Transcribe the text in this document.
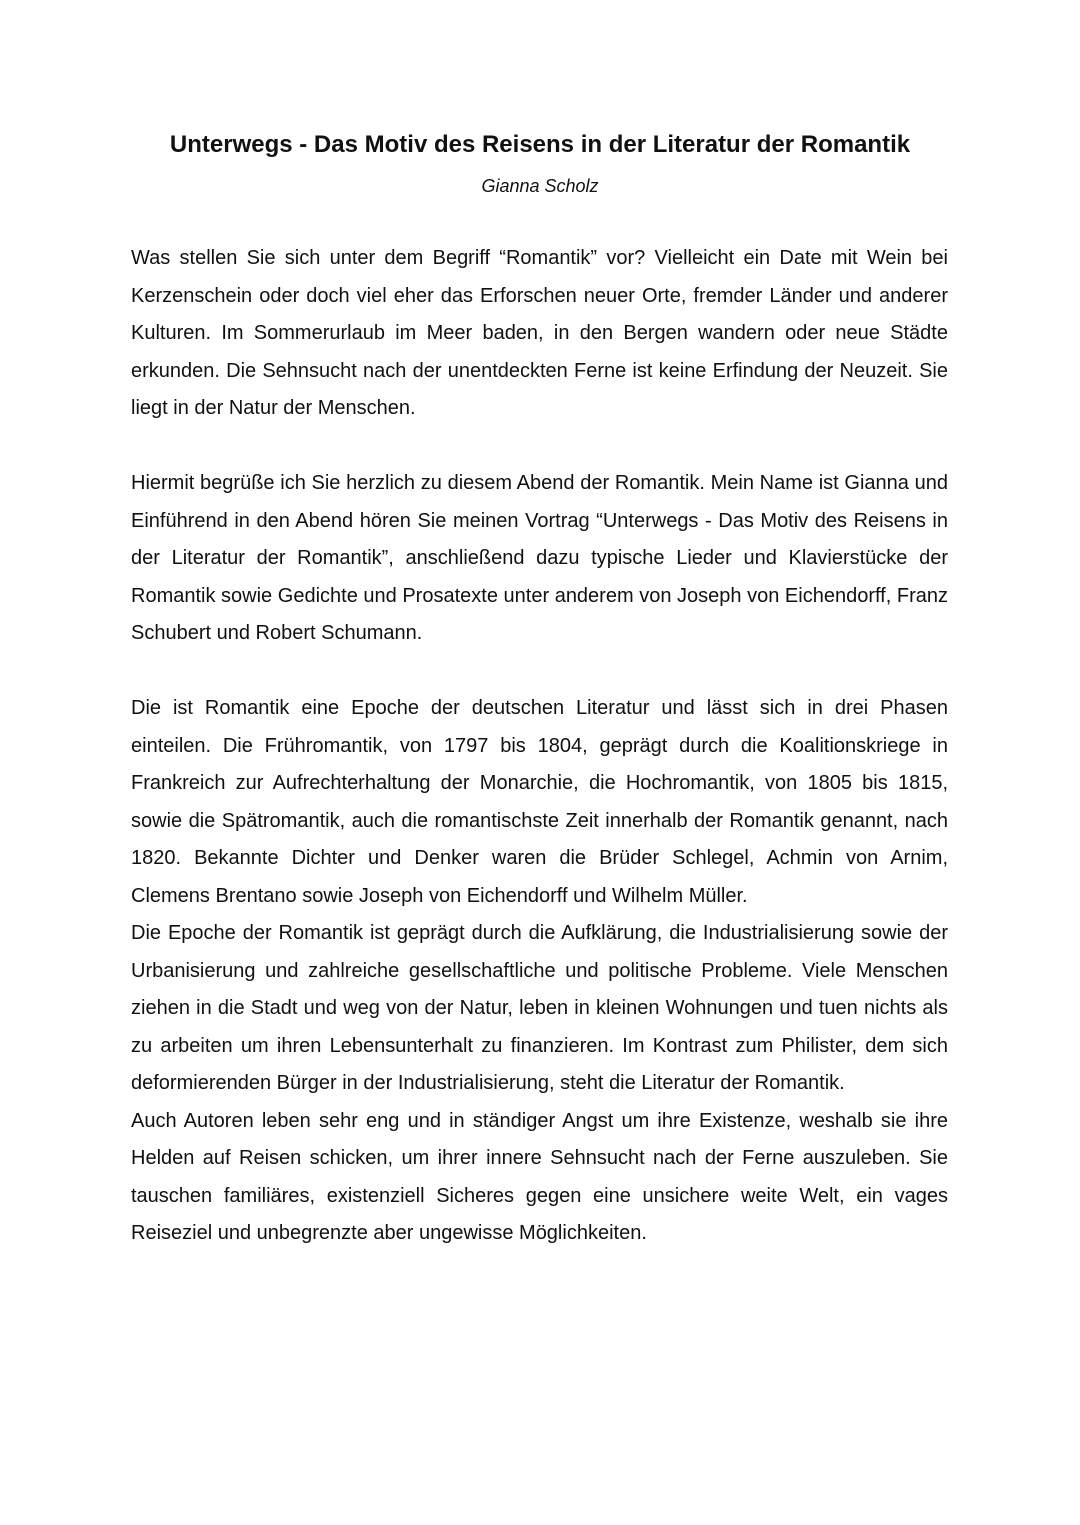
Unterwegs - Das Motiv des Reisens in der Literatur der Romantik

Gianna Scholz

Was stellen Sie sich unter dem Begriff “Romantik” vor? Vielleicht ein Date mit Wein bei Kerzenschein oder doch viel eher das Erforschen neuer Orte, fremder Länder und anderer Kulturen. Im Sommerurlaub im Meer baden, in den Bergen wandern oder neue Städte erkunden. Die Sehnsucht nach der unentdeckten Ferne ist keine Erfindung der Neuzeit. Sie liegt in der Natur der Menschen.

Hiermit begrüße ich Sie herzlich zu diesem Abend der Romantik. Mein Name ist Gianna und Einführend in den Abend hören Sie meinen Vortrag “Unterwegs - Das Motiv des Reisens in der Literatur der Romantik”, anschließend dazu typische Lieder und Klavierstücke der Romantik sowie Gedichte und Prosatexte unter anderem von Joseph von Eichendorff, Franz Schubert und Robert Schumann.

Die ist Romantik eine Epoche der deutschen Literatur und lässt sich in drei Phasen einteilen. Die Frühromantik, von 1797 bis 1804, geprägt durch die Koalitionskriege in Frankreich zur Aufrechterhaltung der Monarchie, die Hochromantik, von 1805 bis 1815, sowie die Spätromantik, auch die romantischste Zeit innerhalb der Romantik genannt, nach 1820. Bekannte Dichter und Denker waren die Brüder Schlegel, Achmin von Arnim, Clemens Brentano sowie Joseph von Eichendorff und Wilhelm Müller.

Die Epoche der Romantik ist geprägt durch die Aufklärung, die Industrialisierung sowie der Urbanisierung und zahlreiche gesellschaftliche und politische Probleme. Viele Menschen ziehen in die Stadt und weg von der Natur, leben in kleinen Wohnungen und tuen nichts als zu arbeiten um ihren Lebensunterhalt zu finanzieren. Im Kontrast zum Philister, dem sich deformierenden Bürger in der Industrialisierung, steht die Literatur der Romantik.

Auch Autoren leben sehr eng und in ständiger Angst um ihre Existenze, weshalb sie ihre Helden auf Reisen schicken, um ihrer innere Sehnsucht nach der Ferne auszuleben. Sie tauschen familiäres, existenziell Sicheres gegen eine unsichere weite Welt, ein vages Reiseziel und unbegrenzte aber ungewisse Möglichkeiten.
